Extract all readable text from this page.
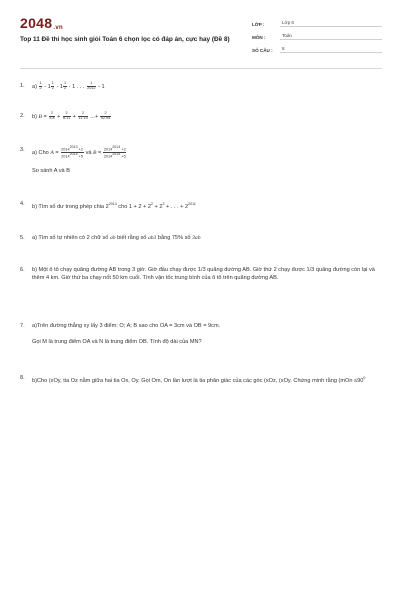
2048.vn
Top 11 Đề thi học sinh giỏi Toán 6 chọn lọc có đáp án, cực hay (Đề 8)
LỚP :	Lớp 6
MÔN :	Toán
SỐ CÂU :	8
1. $a) \frac{1}{2} - 1 \frac{1}{2} - 1 \frac{1}{2} - 1$ . . . $\frac{1}{2012} - 1$
2. b) $B = \frac{2}{5.8} + \frac{2}{8.11} + \frac{2}{11.14}$ ...+ $\frac{2}{92.95}$
3.
a) Cho $A = \frac{2014^{2013} +2}{2014^{2014} +5}$ và $B = \frac{2014^{2014} +2}{2014^{2015} +5}$
So sánh A và B
4. b) Tìm số dư trong phép chia $2^{2014}$ cho $1 + 2 + 2^2 + 2^3$ + . . . + $2^{2011}$
5. a) Tìm số tự nhiên có 2 chữ số ab biết rằng số ab3 bằng 75% số 3ab
6. b) Một ô tô chạy quãng đường AB trong 3 giờ. Giờ đầu chạy được 1/3 quãng đường AB. Giờ thứ 2 chạy được 1/3 quãng đường còn lại và thêm 4 km. Giờ thứ ba chạy nốt 50 km cuối. Tính vận tốc trung bình của ô tô trên quãng đường AB.
7. a)Trên đường thẳng xy lấy 3 điểm: O; A; B sao cho OA = 3cm và OB = 9cm.
Gọi M là trung điểm OA và N là trung điểm OB. Tính độ dài của MN?
8. b)Cho (xOy, tia Oz nằm giữa hai tia Ox, Oy. Gọi Om, On lần lượt là tia phân giác của các góc (xOz, (xOy. Chứng minh rằng ($mOn \le 90^0$
